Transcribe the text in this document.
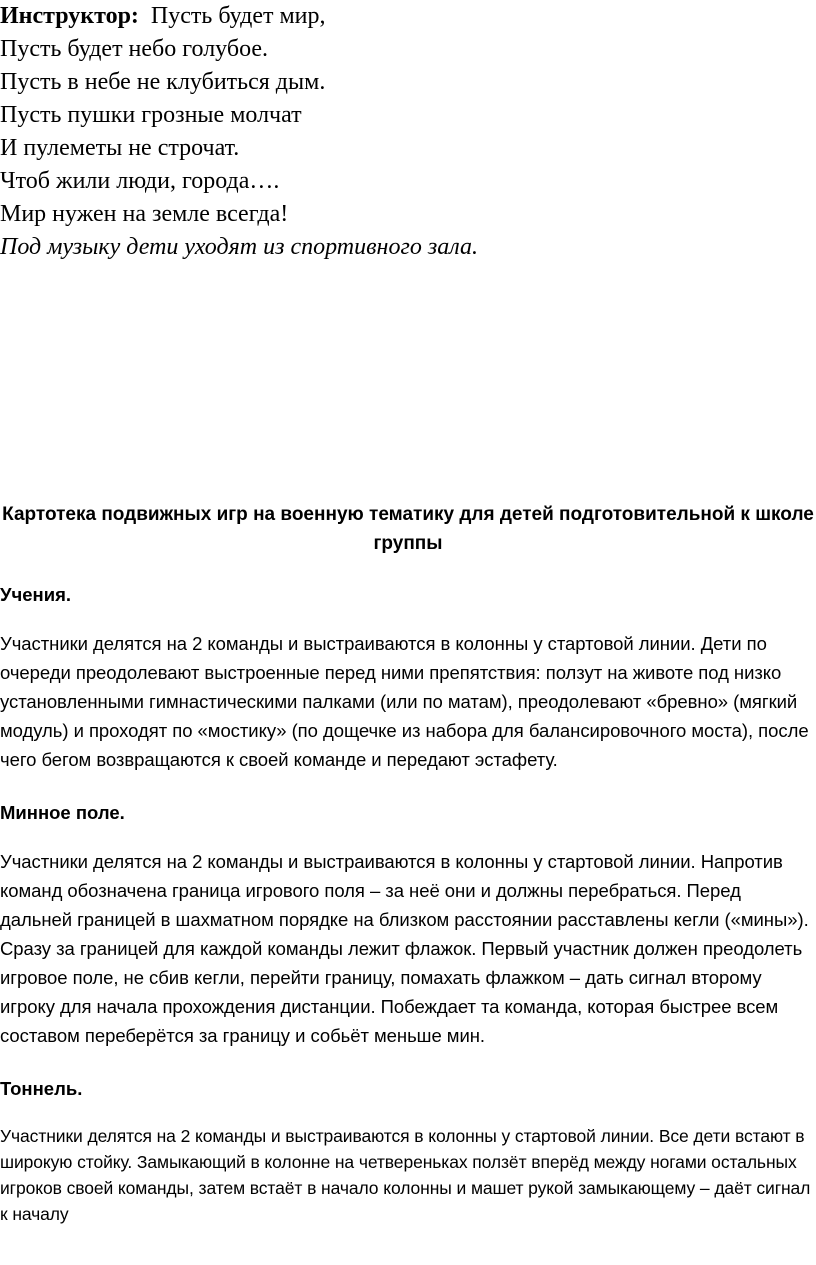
Инструктор: Пусть будет мир,
Пусть будет небо голубое.
Пусть в небе не клубиться дым.
Пусть пушки грозные молчат
И пулеметы не строчат.
Чтоб жили люди, города….
Мир нужен на земле всегда!
Под музыку дети уходят из спортивного зала.
Картотека подвижных игр на военную тематику для детей подготовительной к школе группы
Учения.
Участники делятся на 2 команды и выстраиваются в колонны у стартовой линии. Дети по очереди преодолевают выстроенные перед ними препятствия: ползут на животе под низко установленными гимнастическими палками (или по матам), преодолевают «бревно» (мягкий модуль) и проходят по «мостику» (по дощечке из набора для балансировочного моста), после чего бегом возвращаются к своей команде и передают эстафету.
Минное поле.
Участники делятся на 2 команды и выстраиваются в колонны у стартовой линии. Напротив команд обозначена граница игрового поля – за неё они и должны перебраться. Перед дальней границей в шахматном порядке на близком расстоянии расставлены кегли («мины»). Сразу за границей для каждой команды лежит флажок. Первый участник должен преодолеть игровое поле, не сбив кегли, перейти границу, помахать флажком – дать сигнал второму игроку для начала прохождения дистанции. Побеждает та команда, которая быстрее всем составом переберётся за границу и собьёт меньше мин.
Тоннель.
Участники делятся на 2 команды и выстраиваются в колонны у стартовой линии. Все дети встают в широкую стойку. Замыкающий в колонне на четвереньках ползёт вперёд между ногами остальных игроков своей команды, затем встаёт в начало колонны и машет рукой замыкающему – даёт сигнал к началу
